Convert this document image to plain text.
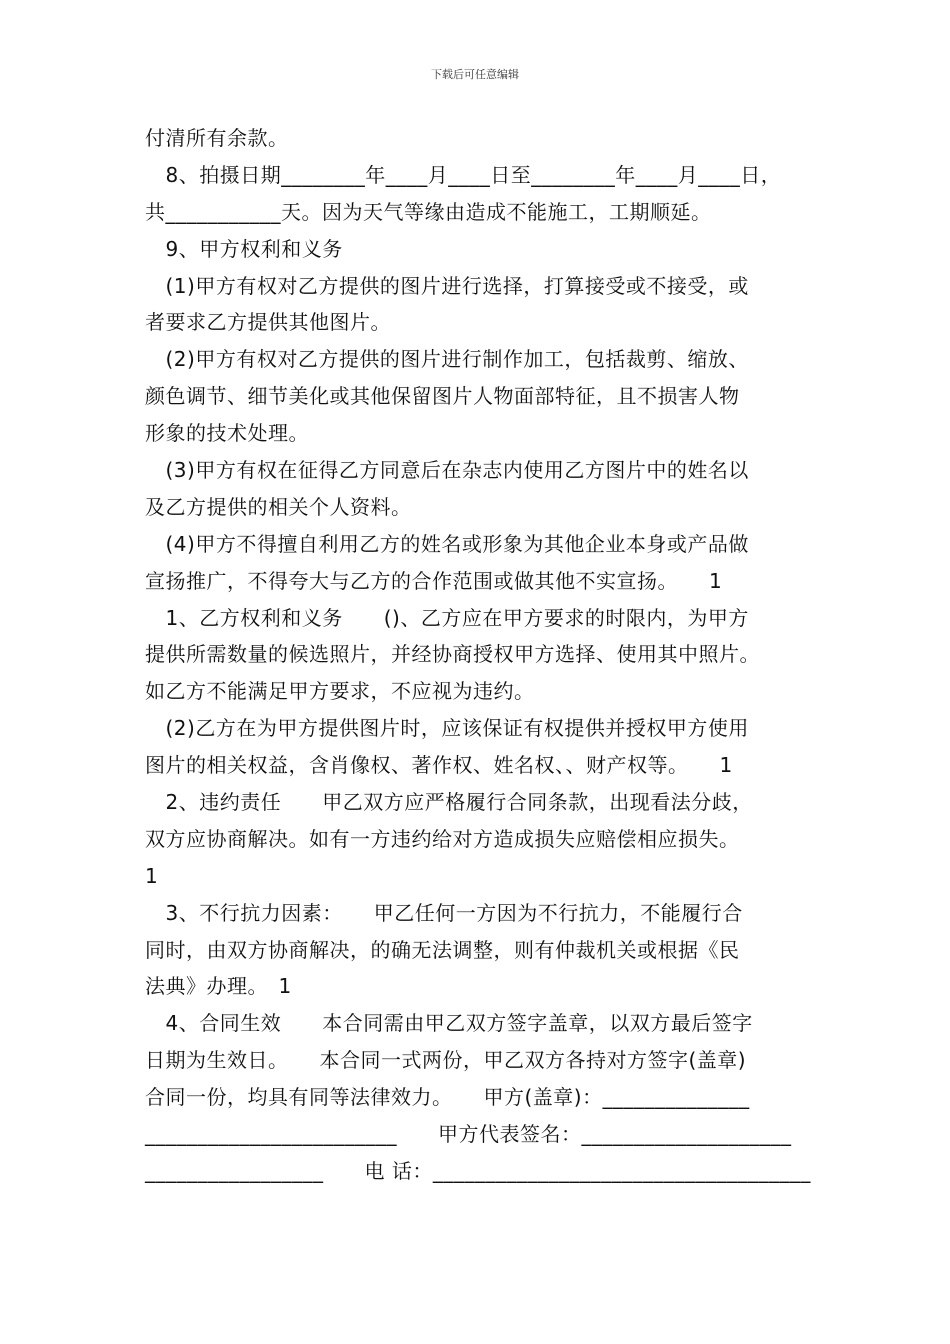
下载后可任意编辑
付清所有余款。
　8、拍摄日期________年____月____日至________年____月____日，
共___________天。因为天气等缘由造成不能施工，工期顺延。
　9、甲方权利和义务
　(1)甲方有权对乙方提供的图片进行选择，打算接受或不接受，或
者要求乙方提供其他图片。
　(2)甲方有权对乙方提供的图片进行制作加工，包括裁剪、缩放、
颜色调节、细节美化或其他保留图片人物面部特征，且不损害人物
形象的技术处理。
　(3)甲方有权在征得乙方同意后在杂志内使用乙方图片中的姓名以
及乙方提供的相关个人资料。
　(4)甲方不得擅自利用乙方的姓名或形象为其他企业本身或产品做
宣扬推广，不得夸大与乙方的合作范围或做其他不实宣扬。　　1
　1、乙方权利和义务　　()、乙方应在甲方要求的时限内，为甲方
提供所需数量的候选照片，并经协商授权甲方选择、使用其中照片。
如乙方不能满足甲方要求，不应视为违约。
　(2)乙方在为甲方提供图片时，应该保证有权提供并授权甲方使用
图片的相关权益，含肖像权、著作权、姓名权、、财产权等。　　1
　2、违约责任　　甲乙双方应严格履行合同条款，出现看法分歧，
双方应协商解决。如有一方违约给对方造成损失应赔偿相应损失。
1
　3、不行抗力因素：　　甲乙任何一方因为不行抗力，不能履行合
同时，由双方协商解决，的确无法调整，则有仲裁机关或根据《民
法典》办理。　1
　4、合同生效　　本合同需由甲乙双方签字盖章，以双方最后签字
日期为生效日。　　本合同一式两份，甲乙双方各持对方签字(盖章)
合同一份，均具有同等法律效力。　　甲方(盖章)：______________
________________________　　甲方代表签名：____________________
_________________　　电 话：____________________________________
